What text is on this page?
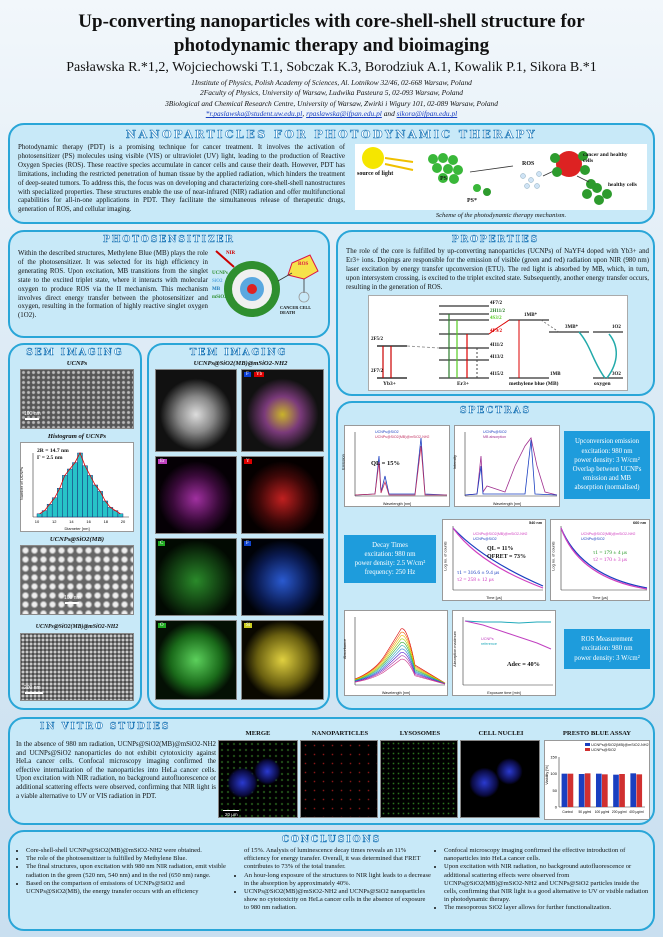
Up-converting nanoparticles with core-shell-shell structure for photodynamic therapy and bioimaging
Pasławska R.*1,2, Wojciechowski T.1, Sobczak K.3, Borodziuk A.1, Kowalik P.1, Sikora B.*1
1Institute of Physics, Polish Academy of Sciences, Al. Lotnikow 32/46, 02-668 Warsaw, Poland
2Faculty of Physics, University of Warsaw, Ludwika Pasteura 5, 02-093 Warsaw, Poland
3Biological and Chemical Research Centre, University of Warsaw, Zwirki i Wigury 101, 02-089 Warsaw, Poland
*r.paslawska@student.uw.edu.pl, rpaslawska@ifpan.edu.pl and sikora@ifpan.edu.pl
NANOPARTICLES FOR PHOTODYNAMIC THERAPY
Photodynamic therapy (PDT) is a promising technique for cancer treatment. It involves the activation of photosensitizer (PS) molecules using visible (VIS) or ultraviolet (UV) light, leading to the production of Reactive Oxygen Species (ROS). These reactive species accumulate in cancer cells and cause their death. However, PDT has limitations, including the restricted penetration of human tissue by the applied radiation, which hinders the treatment of deep-seated tumors. To address this, the focus was on developing and characterizing core-shell-shell nanostructures with specialized properties. These structures enable the use of near-infrared (NIR) radiation and offer multifunctional capabilities for all-in-one applications in PDT. They facilitate the simultaneous release of therapeutic drugs, generation of ROS, and cellular imaging.
source of light
PS
PS*
ROS
cancer and healthy cells
healthy cells
Scheme of the photodynamic therapy mechanism.
PHOTOSENSITIZER
Within the described structures, Methylene Blue (MB) plays the role of the photosensitizer. It was selected for its high efficiency in generating ROS. Upon excitation, MB transitions from the singlet state to the excited triplet state, where it interacts with molecular oxygen to produce ROS via the II mechanism. This mechanism involves direct energy transfer between the photosensitizer and oxygen, resulting in the formation of highly reactive singlet oxygen (1O2).
NIR
UCNPs
SiO2
MB
mSiO2
ROS
CANCER CELL DEATH
PROPERTIES
The role of the core is fulfilled by up-converting nanoparticles (UCNPs) of NaYF4 doped with Yb3+ and Er3+ ions. Dopings are responsible for the emission of visible (green and red) radiation upon NIR (980 nm) laser excitation by energy transfer upconversion (ETU). The red light is absorbed by MB, which, in turn, upon intersystem crossing, is excited to the triplet excited state. Subsequently, another energy transfer occurs, resulting in the generation of ROS.
2F5/2
2F7/2
4F7/2
2H11/2
4S3/2
4F9/2
4I11/2
4I13/2
4I15/2
1MB*
3MB*
1MB
1O2
3O2
Yb3+	Er3+	methylene blue (MB)	oxygen
SEM IMAGING
UCNPs
100 nm
Histogram of UCNPs
10	12	14	16	18	20
2R = 14.7 nm
Γ = 2.5 nm
Diameter [nm]
Number of UCNPs
UCNPs@SiO2(MB)
100 nm
UCNPs@SiO2(MB)@mSiO2-NH2
200 nm
TEM IMAGING
UCNPs@SiO2(MB)@mSiO2-NH2
F	Yb
Er	Y
C	F
O	Si
SPECTRAS
UCNPs@SiO2
UCNPs@SiO2(MB)@mSiO2-NH2
QL = 15%
Wavelength [nm]
Emission
UCNPs@SiO2
MB absorption
Wavelength [nm]
Intensity
Upconversion emission
excitation: 980 nm
power density: 3 W/cm²
Overlap between UCNPs
emission and MB
absorption (normalised)
Decay Times
excitation: 980 nm
power density: 2.5 W/cm²
frequency: 250 Hz
UCNPs@SiO2(MB)@mSiO2-NH2
UCNPs@SiO2
540 nm
QL = 11%
QFRET = 73%
τ1 = 316.6 ± 9.4 μs
τ2 = 258 ± 12 μs
Time [μs]
Log no. of counts
UCNPs@SiO2(MB)@mSiO2-NH2
UCNPs@SiO2
660 nm
τ1 = 179 ± 4 μs
τ2 = 170 ± 3 μs
Time [μs]
Log no. of counts
Wavelength [nm]
Absorbance	UCNPs
reference
Adec = 40%
Exposure time [min]
Absorption maximum	ROS Measurement
excitation: 980 nm
power density: 3 W/cm²
IN VITRO STUDIES
In the absence of 980 nm radiation, UCNPs@SiO2(MB)@mSiO2-NH2 and UCNPs@SiO2 nanoparticles do not exhibit cytotoxicity against HeLa cancer cells. Confocal microscopy imaging confirmed the effective internalization of the nanoparticles into HeLa cancer cells. Upon excitation with NIR radiation, no background autofluorescence or additional scattering effects were observed, confirming that NIR light is a viable alternative to UV or VIS radiation in PDT.
MERGE	NANOPARTICLES	LYSOSOMES	CELL NUCLEI
20 μm
PRESTO BLUE ASSAY
0
50
100
150
Control 50 μg/ml 100 μg/ml 200 μg/ml 400 μg/ml
UCNPs@SiO2(MB)@mSiO2-NH2
UCNPs@SiO2
Viability [%]
CONCLUSIONS
• Core-shell-shell UCNPs@SiO2(MB)@mSiO2-NH2 were obtained.
• The role of the photosensitizer is fulfilled by Methylene Blue.
• The final structures, upon excitation with 980 nm NIR radiation, emit visible radiation in the green (520 nm, 540 nm) and in the red (650 nm) range.
• Based on the comparison of emissions of UCNPs@SiO2 and UCNPs@SiO2(MB), the energy transfer occurs with an efficiency
of 15%. Analysis of luminescence decay times reveals an 11% efficiency for energy transfer. Overall, it was determined that FRET contributes to 73% of the total transfer.
• An hour-long exposure of the structures to NIR light leads to a decrease in the absorption by approximately 40%.
• UCNPs@SiO2(MB)@mSiO2-NH2 and UCNPs@SiO2 nanoparticles show no cytotoxicity on HeLa cancer cells in the absence of exposure to 980 nm radiation.
• Confocal microscopy imaging confirmed the effective introduction of nanoparticles into HeLa cancer cells.
• Upon excitation with NIR radiation, no background autofluorescence or additional scattering effects were observed from UCNPs@SiO2(MB)@mSiO2-NH2 and UCNPs@SiO2 particles inside the cells, confirming that NIR light is a good alternative to UV or visible radiation in photodynamic therapy.
• The mesoporous SiO2 layer allows for further functionalization.
